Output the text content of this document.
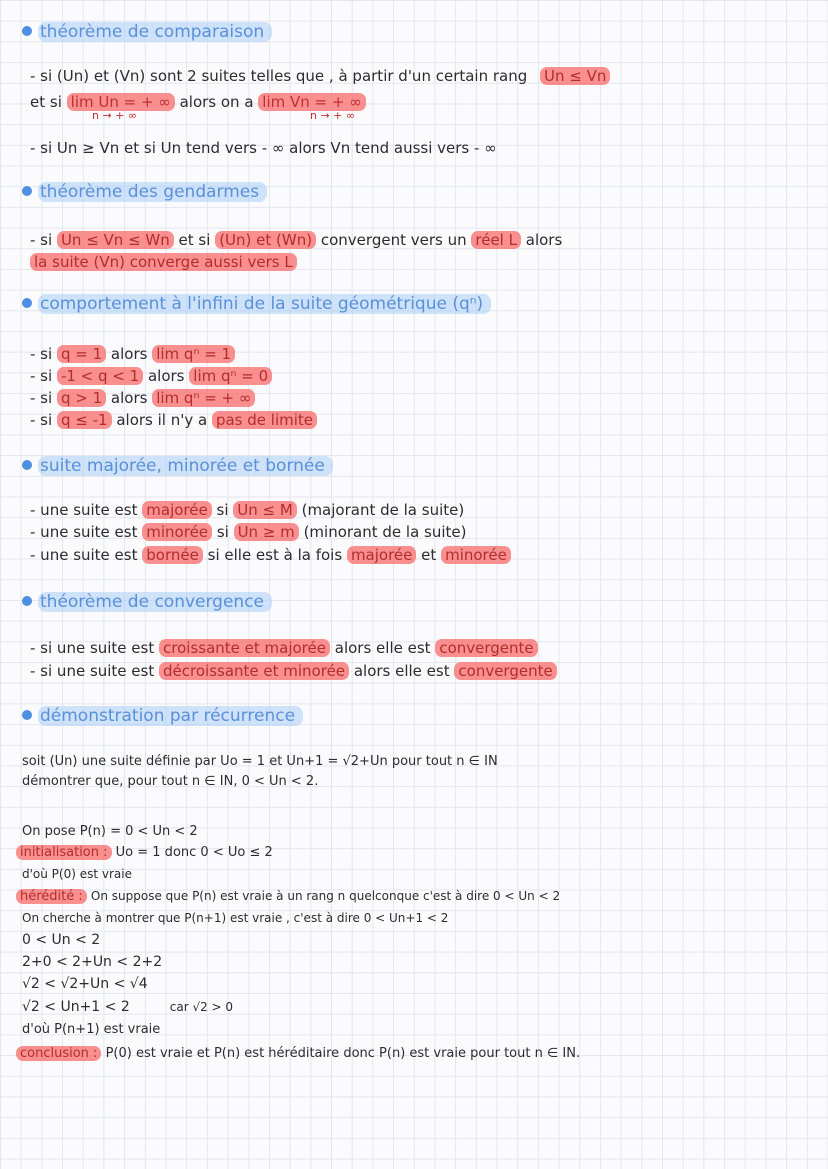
théorème de comparaison
- si (Un) et (Vn) sont 2 suites telles que , à partir d'un certain rang Un ≤ Vn
et si lim Un = + ∞ alors on a lim Vn = + ∞
n → + ∞	n → + ∞
- si Un ≥ Vn et si Un tend vers - ∞ alors Vn tend aussi vers - ∞
théorème des gendarmes
- si Un ≤ Vn ≤ Wn et si (Un) et (Wn) convergent vers un réel L alors
la suite (Vn) converge aussi vers L
comportement à l'infini de la suite géométrique (qⁿ)
- si q = 1 alors lim qⁿ = 1
- si -1 < q < 1 alors lim qⁿ = 0
- si q > 1 alors lim qⁿ = + ∞
- si q ≤ -1 alors il n'y a pas de limite
suite majorée, minorée et bornée
- une suite est majorée si Un ≤ M (majorant de la suite)
- une suite est minorée si Un ≥ m (minorant de la suite)
- une suite est bornée si elle est à la fois majorée et minorée
théorème de convergence
- si une suite est croissante et majorée alors elle est convergente
- si une suite est décroissante et minorée alors elle est convergente
démonstration par récurrence
soit (Un) une suite définie par Uo = 1 et Un+1 = √2+Un pour tout n ∈ IN
démontrer que, pour tout n ∈ IN, 0 < Un < 2.
On pose P(n) = 0 < Un < 2
initialisation : Uo = 1 donc 0 < Uo ≤ 2
d'où P(0) est vraie
hérédité : On suppose que P(n) est vraie à un rang n quelconque c'est à dire 0 < Un < 2
On cherche à montrer que P(n+1) est vraie , c'est à dire 0 < Un+1 < 2
0 < Un < 2
2+0 < 2+Un < 2+2
√2 < √2+Un < √4
√2 < Un+1 < 2	car √2 > 0
d'où P(n+1) est vraie
conclusion : P(0) est vraie et P(n) est héréditaire donc P(n) est vraie pour tout n ∈ IN.
